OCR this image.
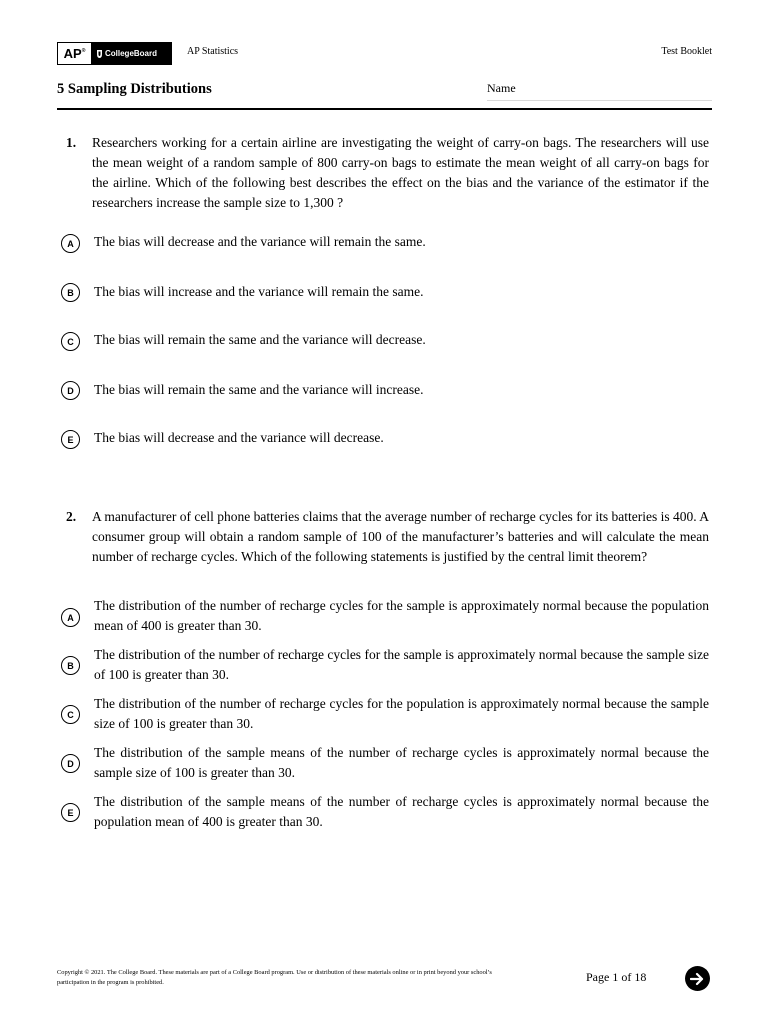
AP® CollegeBoard	AP Statistics	Test Booklet
5 Sampling Distributions	Name
1. Researchers working for a certain airline are investigating the weight of carry-on bags. The researchers will use the mean weight of a random sample of 800 carry-on bags to estimate the mean weight of all carry-on bags for the airline. Which of the following best describes the effect on the bias and the variance of the estimator if the researchers increase the sample size to 1,300 ?
A	The bias will decrease and the variance will remain the same.
B	The bias will increase and the variance will remain the same.
C	The bias will remain the same and the variance will decrease.
D	The bias will remain the same and the variance will increase.
E	The bias will decrease and the variance will decrease.
2. A manufacturer of cell phone batteries claims that the average number of recharge cycles for its batteries is 400. A consumer group will obtain a random sample of 100 of the manufacturer’s batteries and will calculate the mean number of recharge cycles. Which of the following statements is justified by the central limit theorem?
A
The distribution of the number of recharge cycles for the sample is approximately normal because the population mean of 400 is greater than 30.
B
The distribution of the number of recharge cycles for the sample is approximately normal because the sample size of 100 is greater than 30.
C
The distribution of the number of recharge cycles for the population is approximately normal because the sample size of 100 is greater than 30.
D
The distribution of the sample means of the number of recharge cycles is approximately normal because the sample size of 100 is greater than 30.
E
The distribution of the sample means of the number of recharge cycles is approximately normal because the population mean of 400 is greater than 30.
Copyright © 2021. The College Board. These materials are part of a College Board program. Use or distribution of these materials online or in print beyond your school’s participation in the program is prohibited.	Page 1 of 18
